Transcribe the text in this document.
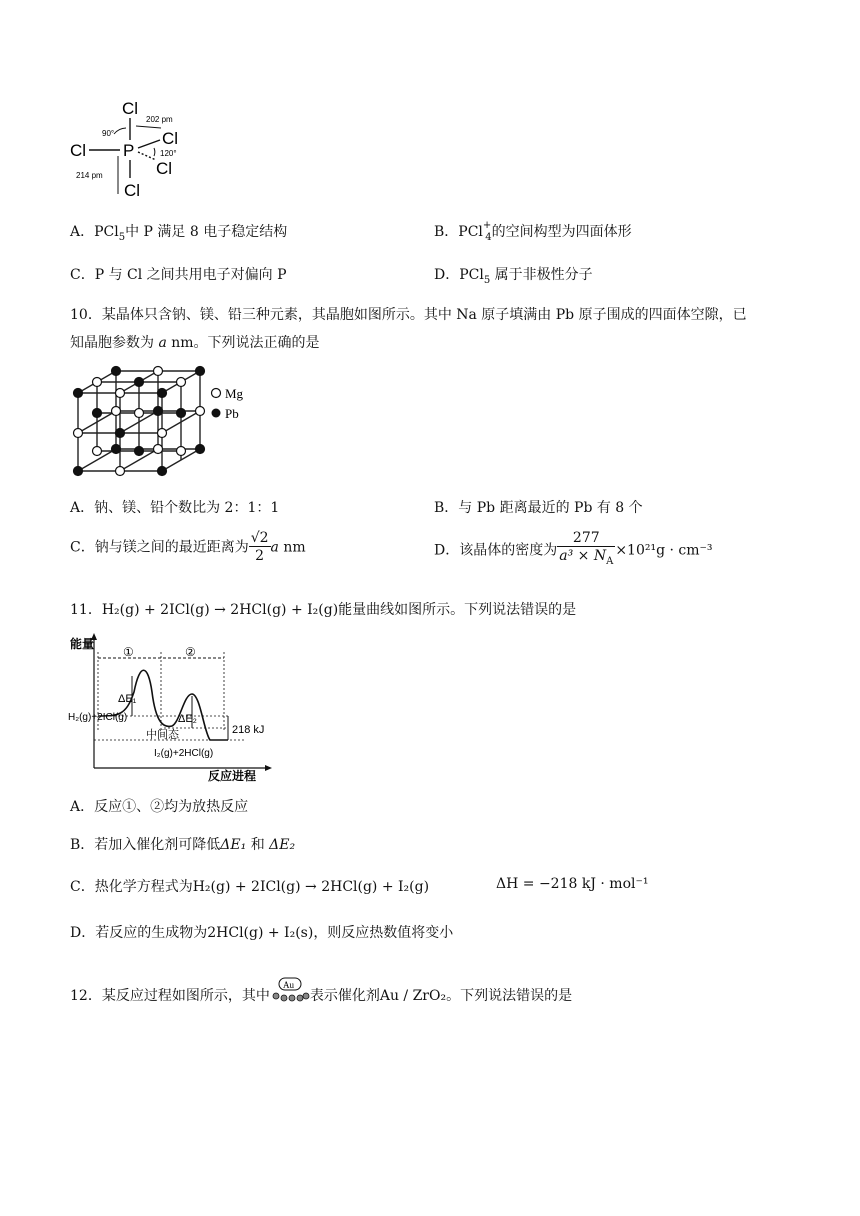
Cl
Cl
Cl
Cl
Cl
P
90°
202 pm
120°
214 pm
A．PCl$_5$中 P 满足 8 电子稳定结构	B．PCl+$_4$的空间构型为四面体形
C．P 与 Cl 之间共用电子对偏向 P	D．PCl$_5$ 属于非极性分子
10．某晶体只含钠、镁、铅三种元素，其晶胞如图所示。其中 Na 原子填满由 Pb 原子围成的四面体空隙，已
知晶胞参数为 a nm。下列说法正确的是
Mg
Pb
A．钠、镁、铅个数比为 2：1：1	B．与 Pb 距离最近的 Pb 有 8 个
C．钠与镁之间的最近距离为 $\frac{√2}{2}$ a nm	D．该晶体的密度为 $\frac{277}{a^3 \times N_A} \times 10^{21}g \cdot cm^{-3}$
11．H₂(g) + 2ICl(g) → 2HCl(g) + I₂(g)能量曲线如图所示。下列说法错误的是
能量
反应进程
①	②
ΔE₁
ΔE₂
H₂(g)+2ICl(g)
中间态
I₂(g)+2HCl(g)
218 kJ
A．反应①、②均为放热反应
B．若加入催化剂可降低ΔE₁ 和 ΔE₂
C．热化学方程式为H₂(g) + 2ICl(g) → 2HCl(g) + I₂(g)	ΔH = −218 kJ · mol⁻¹
D．若反应的生成物为2HCl(g) + I₂(s)，则反应热数值将变小
12．某反应过程如图所示，其中
Au
表示催化剂Au / ZrO₂。下列说法错误的是
